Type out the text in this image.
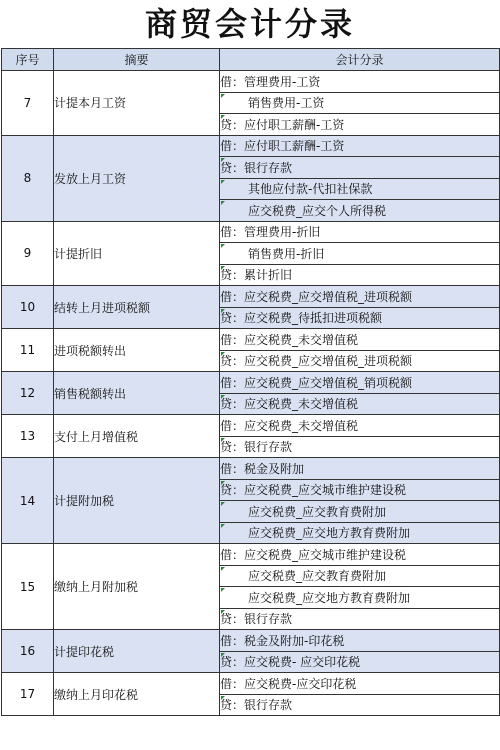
商贸会计分录
序号	摘要	会计分录
7	计提本月工资	借：管理费用-工资
		销售费用-工资
		贷：应付职工薪酬-工资
8	发放上月工资	借：应付职工薪酬-工资
		贷：银行存款
		其他应付款-代扣社保款
		应交税费_应交个人所得税
9	计提折旧	借：管理费用-折旧
		销售费用-折旧
		贷：累计折旧
10	结转上月进项税额	借：应交税费_应交增值税_进项税额
		贷：应交税费_待抵扣进项税额
11	进项税额转出	借：应交税费_未交增值税
		贷：应交税费_应交增值税_进项税额
12	销售税额转出	借：应交税费_应交增值税_销项税额
		贷：应交税费_未交增值税
13	支付上月增值税	借：应交税费_未交增值税
		贷：银行存款
14	计提附加税	借：税金及附加
		贷：应交税费_应交城市维护建设税
		应交税费_应交教育费附加
		应交税费_应交地方教育费附加
15	缴纳上月附加税	借：应交税费_应交城市维护建设税
		应交税费_应交教育费附加
		应交税费_应交地方教育费附加
		贷：银行存款
16	计提印花税	借：税金及附加-印花税
		贷：应交税费- 应交印花税
17	缴纳上月印花税	借：应交税费-应交印花税
		贷：银行存款
